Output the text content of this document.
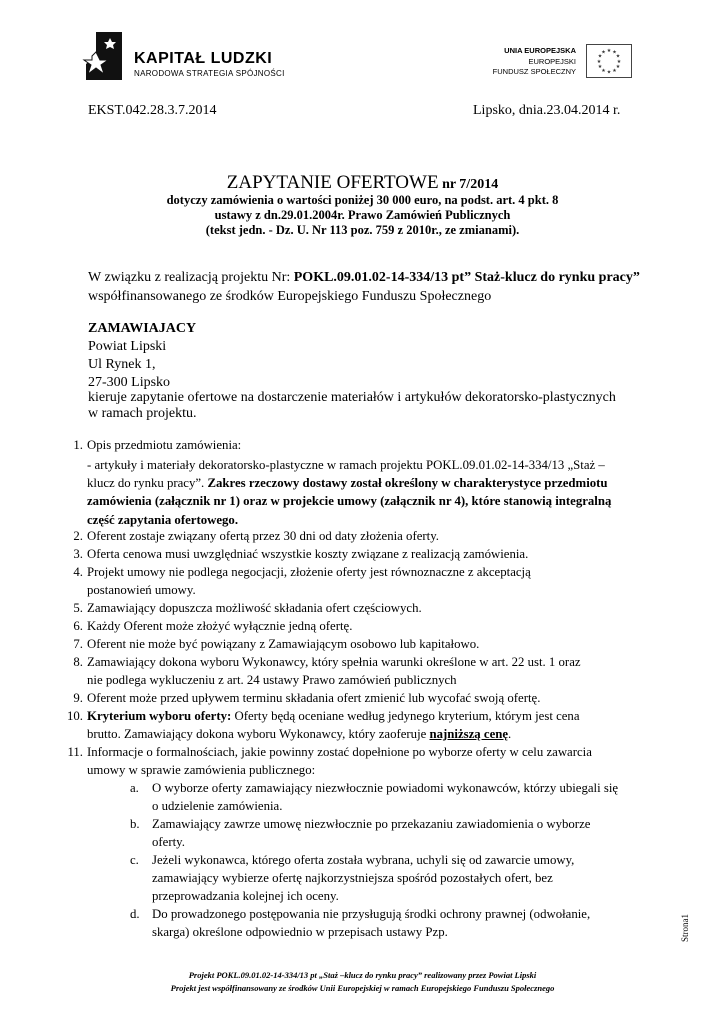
KAPITAŁ LUDZKI
NARODOWA STRATEGIA SPÓJNOŚCI
UNIA EUROPEJSKA
EUROPEJSKI
FUNDUSZ SPOŁECZNY
★ ★
★
★
★
★
★
★
★
★
★
★
EKST.042.28.3.7.2014	Lipsko, dnia.23.04.2014 r.
ZAPYTANIE OFERTOWE nr 7/2014
dotyczy zamówienia o wartości poniżej 30 000 euro, na podst. art. 4 pkt. 8
ustawy z dn.29.01.2004r. Prawo Zamówień Publicznych
(tekst jedn. - Dz. U. Nr 113 poz. 759 z 2010r., ze zmianami).
W związku z realizacją projektu Nr: POKL.09.01.02-14-334/13 pt” Staż-klucz do rynku pracy”
współfinansowanego ze środków Europejskiego Funduszu Społecznego
ZAMAWIAJACY
Powiat Lipski
Ul Rynek 1,
27-300 Lipsko
kieruje zapytanie ofertowe na dostarczenie materiałów i artykułów dekoratorsko-plastycznych
w ramach projektu.
1. Opis przedmiotu zamówienia:
- artykuły i materiały dekoratorsko-plastyczne w ramach projektu POKL.09.01.02-14-334/13 „Staż –
klucz do rynku pracy”. Zakres rzeczowy dostawy został określony w charakterystyce przedmiotu
zamówienia (załącznik nr 1) oraz w projekcie umowy (załącznik nr 4), które stanowią integralną
część zapytania ofertowego.
2. Oferent zostaje związany ofertą przez 30 dni od daty złożenia oferty.
3. Oferta cenowa musi uwzględniać wszystkie koszty związane z realizacją zamówienia.
4. Projekt umowy nie podlega negocjacji, złożenie oferty jest równoznaczne z akceptacją
postanowień umowy.
5. Zamawiający dopuszcza możliwość składania ofert częściowych.
6. Każdy Oferent może złożyć wyłącznie jedną ofertę.
7. Oferent nie może być powiązany z Zamawiającym osobowo lub kapitałowo.
8. Zamawiający dokona wyboru Wykonawcy, który spełnia warunki określone w art. 22 ust. 1 oraz
nie podlega wykluczeniu z art. 24 ustawy Prawo zamówień publicznych
9. Oferent może przed upływem terminu składania ofert zmienić lub wycofać swoją ofertę.
10. Kryterium wyboru oferty: Oferty będą oceniane według jedynego kryterium, którym jest cena
brutto. Zamawiający dokona wyboru Wykonawcy, który zaoferuje najniższą cenę.
11. Informacje o formalnościach, jakie powinny zostać dopełnione po wyborze oferty w celu zawarcia
umowy w sprawie zamówienia publicznego:
a. O wyborze oferty zamawiający niezwłocznie powiadomi wykonawców, którzy ubiegali się
o udzielenie zamówienia.
b. Zamawiający zawrze umowę niezwłocznie po przekazaniu zawiadomienia o wyborze
oferty.
c. Jeżeli wykonawca, którego oferta została wybrana, uchyli się od zawarcie umowy,
zamawiający wybierze ofertę najkorzystniejsza spośród pozostałych ofert, bez
przeprowadzania kolejnej ich oceny.
d. Do prowadzonego postępowania nie przysługują środki ochrony prawnej (odwołanie,
skarga) określone odpowiednio w przepisach ustawy Pzp.	Strona1
Projekt POKL.09.01.02-14-334/13 pt „Staż –klucz do rynku pracy” realizowany przez Powiat Lipski
Projekt jest współfinansowany ze środków Unii Europejskiej w ramach Europejskiego Funduszu Społecznego
